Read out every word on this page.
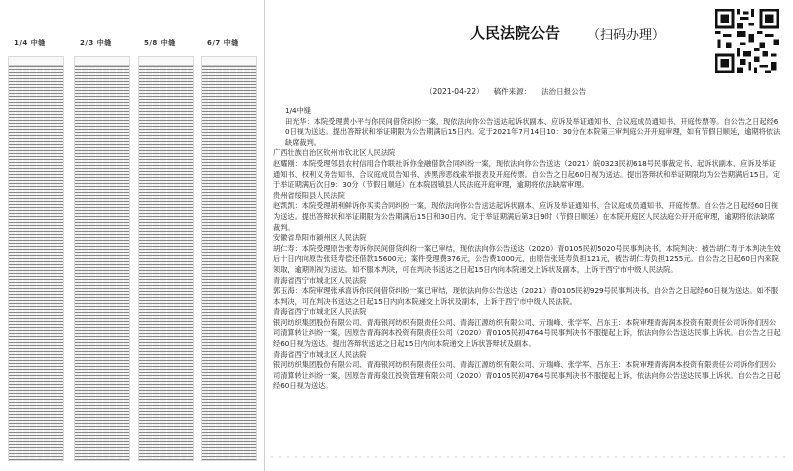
1/4 中缝	2/3 中缝	5/8 中缝	6/7 中缝
人民法院公告 （扫码办理）
（2021-04-22） 稿件来源： 法治日报公告

1/4中缝

田光华：本院受理黄小平与你民间借贷纠纷一案，现依法向你公告送达起诉状副本、应诉及举证通知书、合议庭成员通知书、开庭传票等。自公告之日起经60日视为送达。提出答辩状和举证期限为公告期满后15日内。定于2021年7月14日10：30分在本院第三审判庭公开开庭审理，如有节假日顺延，逾期将依法缺席裁判。

广西壮族自治区钦州市钦北区人民法院

赵耀刚：本院受理邻县农村信用合作联社诉你金融借款合同纠纷一案，现依法向你公告送达（2021）皖0323民初618号民事裁定书、起诉状副本、应诉及举证通知书、权利义务告知书、合议庭成员告知书、涉黑涉恶线索举报表及开庭传票。自公告之日起60日视为送达。提出答辩状和举证期限均为公告期满后15日。定于举证期满后次日9：30分（节假日顺延）在本院固镇县人民法庭开庭审理，逾期将依法缺席审理。

贵州省绥阳县人民法院

赵凯凯：本院受理胡利鲜诉你买卖合同纠纷一案，现依法向你公告送达起诉状副本、应诉及举证通知书、合议庭成员通知书、开庭传票。自公告之日起经60日视为送达。提出答辩状和举证期限为公告期满后15日和30日内。定于举证期满后第3日9时（节假日顺延）在本院开庭区人民法庭公开开庭审理，逾期将依法缺席裁判。

安徽省阜阳市颍州区人民法院

胡仁寿：本院受理原告张寿诉你民间借贷纠纷一案已审结，现依法向你公告送达（2020）青0105民初5020号民事判决书。本院判决：被告胡仁寿于本判决生效后十日内向原告张廷寿偿还借款15600元；案件受理费376元，公告费1000元，由原告张廷寿负担121元，被告胡仁寿负担1255元。自公告之日起60日内来院领取，逾期则视为送达。如不服本判决，可在判决书送达之日起15日内向本院递交上诉状及副本，上诉于西宁市中级人民法院。

青海省西宁市城北区人民法院

郭玉海：本院审理张承喜诉你民间借贷纠纷一案已审结，现依法向你公告送达（2021）青0105民初929号民事判决书，自公告之日起经60日视为送达。如不服本判决，可在判决书送达之日起15日内向本院递交上诉状及副本，上诉于西宁市中级人民法院。

青海省西宁市城北区人民法院

银河纺织集团股份有限公司、青海银河纺织有限责任公司、青海江源纺织有限公司、亓瑞峰、张学军、吕东王：本院审理青海润本投资有限责任公司诉你们因公司清算转让纠纷一案，因原告青海润本投资有限责任公司（2020）青0105民初4764号民事判决书不服提起上诉，依法向你公告送达民事上诉状。自公告之日起经60日视为送达。提出答辩状送达之日起15日内向本院递交上诉状答辩状及副本。

青海省西宁市城北区人民法院

银河纺织集团股份有限公司、青海银河纺织有限责任公司、青海江源纺织有限公司、亓瑞峰、张学军、吕东王：本院审理青海润本投资有限责任公司诉你们因公司清算转让纠纷一案，因原告青海泉江投资管理有限公司（2020）青0105民初4764号民事判决书不服提起上诉，依法向你公告送达民事上诉状。自公告之日起经60日视为送达。
